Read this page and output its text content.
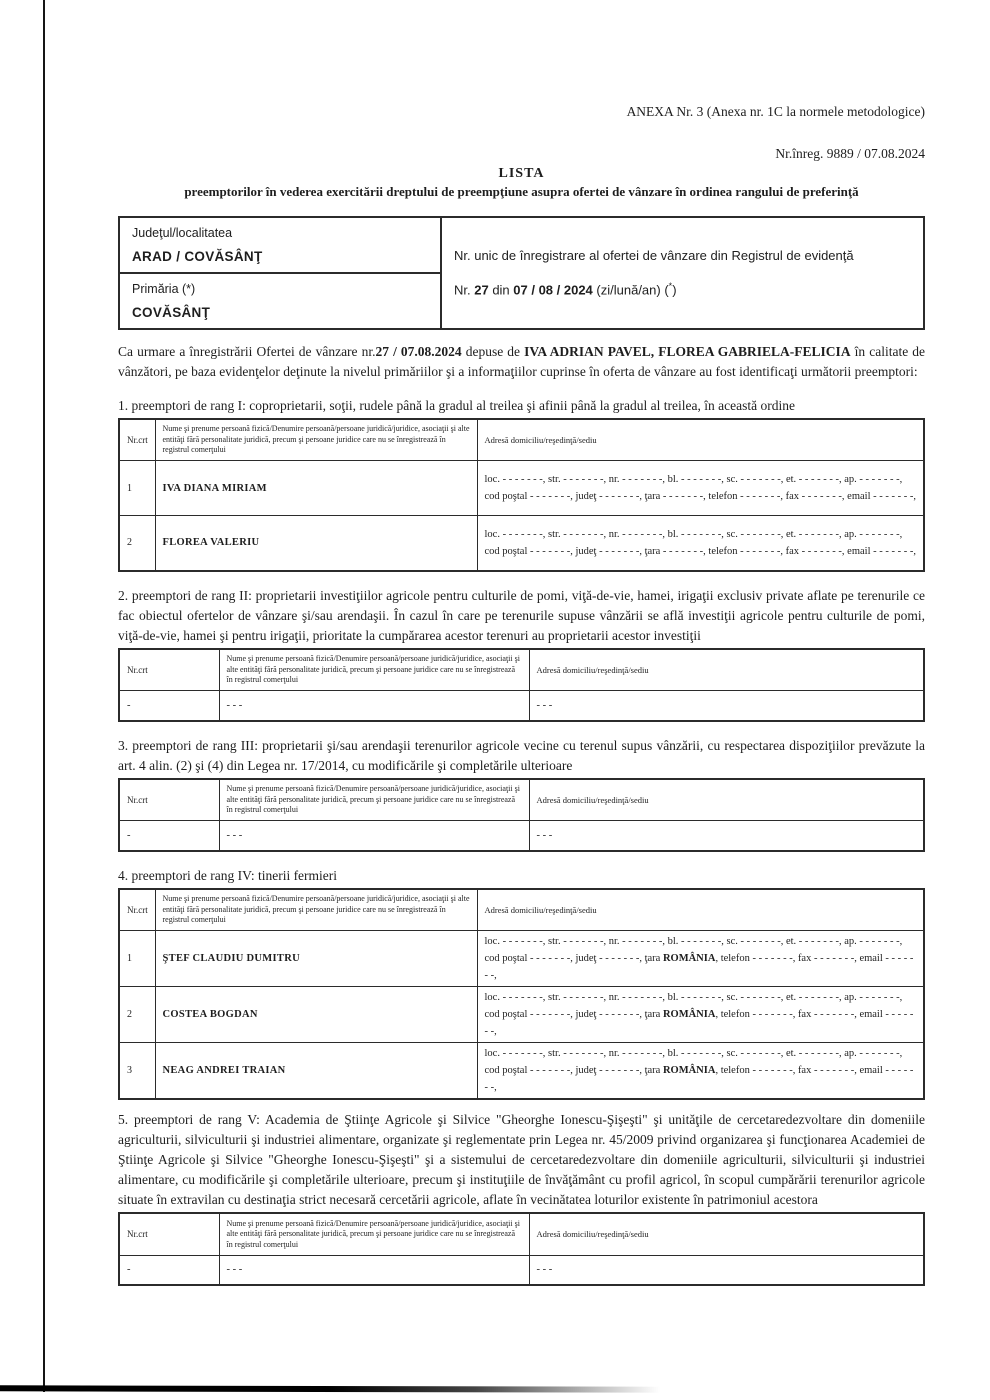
ANEXA Nr. 3 (Anexa nr. 1C la normele metodologice)
Nr.înreg. 9889 / 07.08.2024
LISTA
preemptorilor în vederea exercitării dreptului de preempţiune asupra ofertei de vânzare în ordinea rangului de preferinţă
Judeţul/localitatea
ARAD / COVĂSÂNŢ	Nr. unic de înregistrare al ofertei de vânzare din Registrul de evidenţă
Nr. 27 din 07 / 08 / 2024 (zi/lună/an) (*)

Primăria (*)
COVĂSÂNŢ

Ca urmare a înregistrării Ofertei de vânzare nr.27 / 07.08.2024 depuse de IVA ADRIAN PAVEL, FLOREA GABRIELA-FELICIA în calitate de vânzători, pe baza evidenţelor deţinute la nivelul primăriilor şi a informaţiilor cuprinse în oferta de vânzare au fost identificaţi următorii preemptori:

1. preemptori de rang I: coproprietarii, soţii, rudele până la gradul al treilea şi afinii până la gradul al treilea, în această ordine
Nr.crt	Nume şi prenume persoană fizică/Denumire persoană/persoane juridică/juridice, asociaţii şi alte entităţi fără personalitate juridică, precum şi persoane juridice care nu se înregistrează în registrul comerţului	Adresă domiciliu/reşedinţă/sediu
1	IVA DIANA MIRIAM	loc. - - - - - - -, str. - - - - - - -, nr. - - - - - - -, bl. - - - - - - -, sc. - - - - - - -, et. - - - - - - -, ap. - - - - - - -, cod poştal - - - - - - -, judeţ - - - - - - -, ţara - - - - - - -, telefon - - - - - - -, fax - - - - - - -, email - - - - - - -,
2	FLOREA VALERIU	loc. - - - - - - -, str. - - - - - - -, nr. - - - - - - -, bl. - - - - - - -, sc. - - - - - - -, et. - - - - - - -, ap. - - - - - - -, cod poştal - - - - - - -, judeţ - - - - - - -, ţara - - - - - - -, telefon - - - - - - -, fax - - - - - - -, email - - - - - - -,
2. preemptori de rang II: proprietarii investiţiilor agricole pentru culturile de pomi, viţă-de-vie, hamei, irigaţii exclusiv private aflate pe terenurile ce fac obiectul ofertelor de vânzare şi/sau arendaşii. În cazul în care pe terenurile supuse vânzării se află investiţii agricole pentru culturile de pomi, viţă-de-vie, hamei şi pentru irigaţii, prioritate la cumpărarea acestor terenuri au proprietarii acestor investiţii
Nr.crt	Nume şi prenume persoană fizică/Denumire persoană/persoane juridică/juridice, asociaţii şi alte entităţi fără personalitate juridică, precum şi persoane juridice care nu se înregistrează în registrul comerţului	Adresă domiciliu/reşedinţă/sediu
-	- - -	- - -
3. preemptori de rang III: proprietarii şi/sau arendaşii terenurilor agricole vecine cu terenul supus vânzării, cu respectarea dispoziţiilor prevăzute la art. 4 alin. (2) şi (4) din Legea nr. 17/2014, cu modificările şi completările ulterioare
Nr.crt	Nume şi prenume persoană fizică/Denumire persoană/persoane juridică/juridice, asociaţii şi alte entităţi fără personalitate juridică, precum şi persoane juridice care nu se înregistrează în registrul comerţului	Adresă domiciliu/reşedinţă/sediu
-	- - -	- - -
4. preemptori de rang IV: tinerii fermieri
Nr.crt	Nume şi prenume persoană fizică/Denumire persoană/persoane juridică/juridice, asociaţii şi alte entităţi fără personalitate juridică, precum şi persoane juridice care nu se înregistrează în registrul comerţului	Adresă domiciliu/reşedinţă/sediu
1	ŞTEF CLAUDIU DUMITRU	loc. - - - - - - -, str. - - - - - - -, nr. - - - - - - -, bl. - - - - - - -, sc. - - - - - - -, et. - - - - - - -, ap. - - - - - - -, cod poştal - - - - - - -, judeţ - - - - - - -, ţara ROMÂNIA, telefon - - - - - - -, fax - - - - - - -, email - - - - - - -,
2	COSTEA BOGDAN	loc. - - - - - - -, str. - - - - - - -, nr. - - - - - - -, bl. - - - - - - -, sc. - - - - - - -, et. - - - - - - -, ap. - - - - - - -, cod poştal - - - - - - -, judeţ - - - - - - -, ţara ROMÂNIA, telefon - - - - - - -, fax - - - - - - -, email - - - - - - -,
3	NEAG ANDREI TRAIAN	loc. - - - - - - -, str. - - - - - - -, nr. - - - - - - -, bl. - - - - - - -, sc. - - - - - - -, et. - - - - - - -, ap. - - - - - - -, cod poştal - - - - - - -, judeţ - - - - - - -, ţara ROMÂNIA, telefon - - - - - - -, fax - - - - - - -, email - - - - - - -,
5. preemptori de rang V: Academia de Ştiinţe Agricole şi Silvice "Gheorghe Ionescu-Şişeşti" şi unităţile de cercetaredezvoltare din domeniile agriculturii, silviculturii şi industriei alimentare, organizate şi reglementate prin Legea nr. 45/2009 privind organizarea şi funcţionarea Academiei de Ştiinţe Agricole şi Silvice "Gheorghe Ionescu-Şişeşti" şi a sistemului de cercetaredezvoltare din domeniile agriculturii, silviculturii şi industriei alimentare, cu modificările şi completările ulterioare, precum şi instituţiile de învăţământ cu profil agricol, în scopul cumpărării terenurilor agricole situate în extravilan cu destinaţia strict necesară cercetării agricole, aflate în vecinătatea loturilor existente în patrimoniul acestora
Nr.crt	Nume şi prenume persoană fizică/Denumire persoană/persoane juridică/juridice, asociaţii şi alte entităţi fără personalitate juridică, precum şi persoane juridice care nu se înregistrează în registrul comerţului	Adresă domiciliu/reşedinţă/sediu
-	- - -	- - -
